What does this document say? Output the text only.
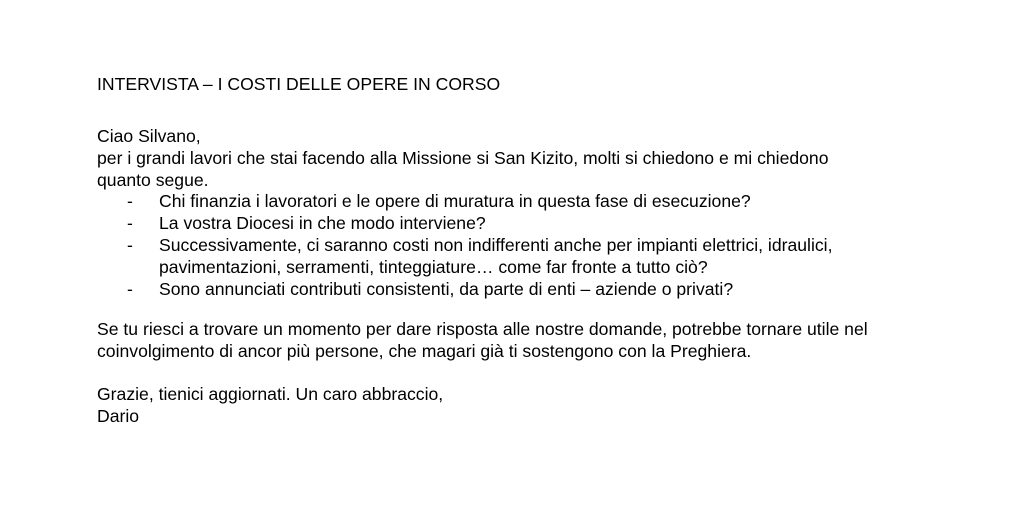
INTERVISTA – I COSTI DELLE OPERE IN CORSO
Ciao Silvano,
per i grandi lavori che stai facendo alla Missione si San Kizito, molti si chiedono e mi chiedono
quanto segue.
- Chi finanzia i lavoratori e le opere di muratura in questa fase di esecuzione?
- La vostra Diocesi in che modo interviene?
- Successivamente, ci saranno costi non indifferenti anche per impianti elettrici, idraulici,
pavimentazioni, serramenti, tinteggiature… come far fronte a tutto ciò?
- Sono annunciati contributi consistenti, da parte di enti – aziende o privati?
Se tu riesci a trovare un momento per dare risposta alle nostre domande, potrebbe tornare utile nel
coinvolgimento di ancor più persone, che magari già ti sostengono con la Preghiera.
Grazie, tienici aggiornati. Un caro abbraccio,
Dario
